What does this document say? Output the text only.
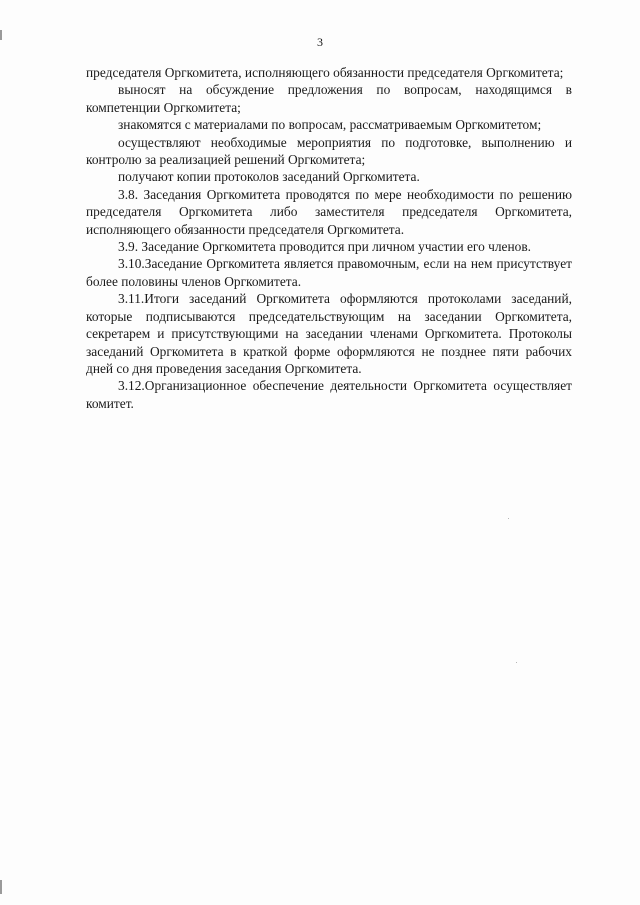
3

председателя Оргкомитета, исполняющего обязанности председателя Оргкомитета;

выносят на обсуждение предложения по вопросам, находящимся в компетенции Оргкомитета;

знакомятся с материалами по вопросам, рассматриваемым Оргкомитетом;

осуществляют необходимые мероприятия по подготовке, выполнению и контролю за реализацией решений Оргкомитета;

получают копии протоколов заседаний Оргкомитета.

3.8. Заседания Оргкомитета проводятся по мере необходимости по решению председателя Оргкомитета либо заместителя председателя Оргкомитета, исполняющего обязанности председателя Оргкомитета.

3.9. Заседание Оргкомитета проводится при личном участии его членов.

3.10.Заседание Оргкомитета является правомочным, если на нем присутствует более половины членов Оргкомитета.

3.11.Итоги заседаний Оргкомитета оформляются протоколами заседаний, которые подписываются председательствующим на заседании Оргкомитета, секретарем и присутствующими на заседании членами Оргкомитета. Протоколы заседаний Оргкомитета в краткой форме оформляются не позднее пяти рабочих дней со дня проведения заседания Оргкомитета.

3.12.Организационное обеспечение деятельности Оргкомитета осуществляет комитет.
